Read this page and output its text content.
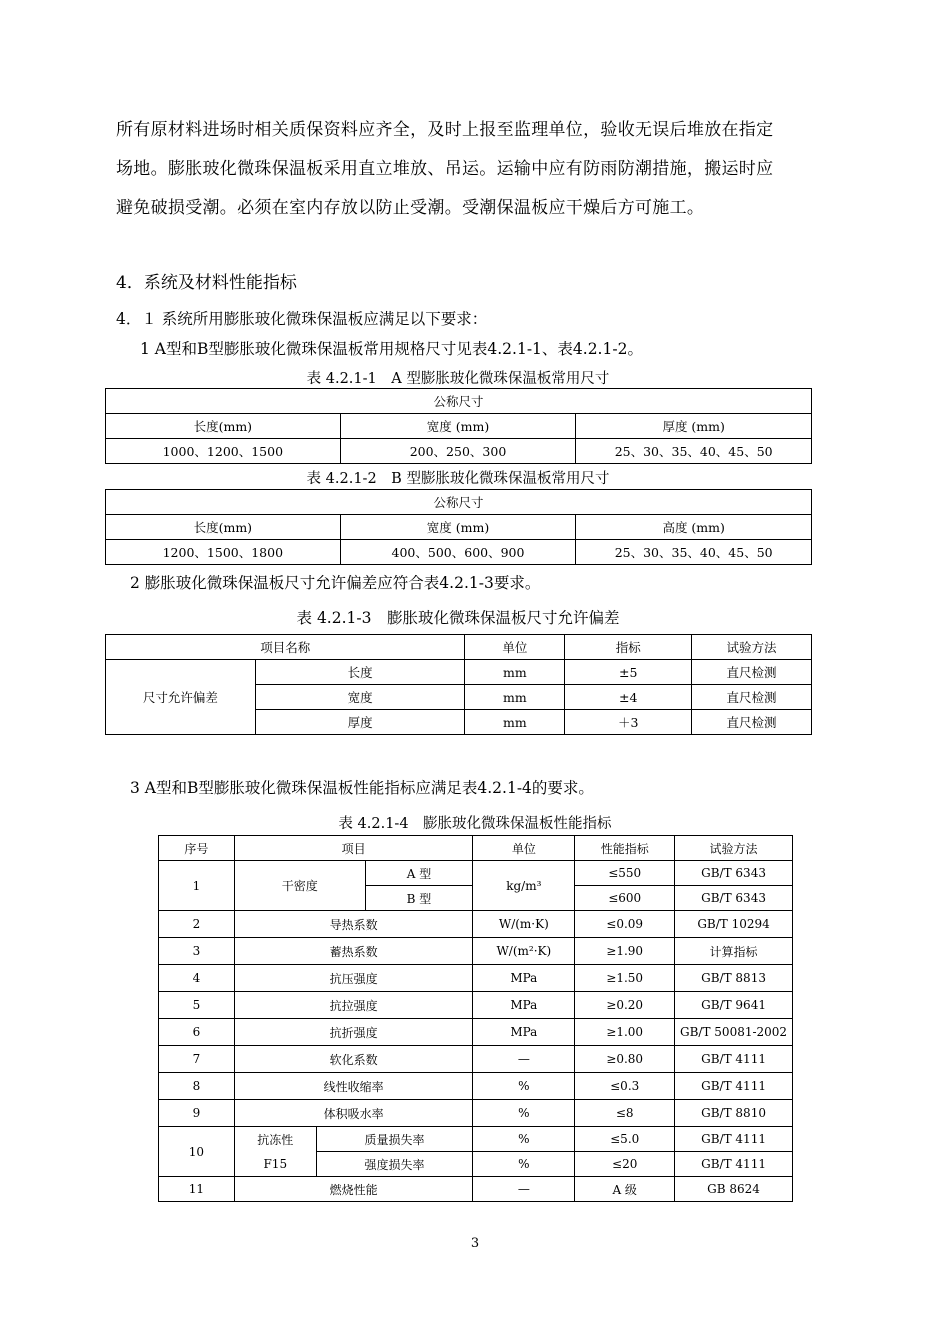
所有原材料进场时相关质保资料应齐全，及时上报至监理单位，验收无误后堆放在指定
场地。膨胀玻化微珠保温板采用直立堆放、吊运。运输中应有防雨防潮措施，搬运时应
避免破损受潮。必须在室内存放以防止受潮。受潮保温板应干燥后方可施工。
4．系统及材料性能指标
4．１ 系统所用膨胀玻化微珠保温板应满足以下要求：
1 A型和B型膨胀玻化微珠保温板常用规格尺寸见表4.2.1-1、表4.2.1-2。
表 4.2.1-1　A 型膨胀玻化微珠保温板常用尺寸
公称尺寸		
长度(mm)	宽度 (mm)	厚度 (mm)
1000、1200、1500	200、250、300	25、30、35、40、45、50
表 4.2.1-2　B 型膨胀玻化微珠保温板常用尺寸
公称尺寸		
长度(mm)	宽度 (mm)	高度 (mm)
1200、1500、1800	400、500、600、900	25、30、35、40、45、50
2 膨胀玻化微珠保温板尺寸允许偏差应符合表4.2.1-3要求。
表 4.2.1-3　膨胀玻化微珠保温板尺寸允许偏差
项目名称		单位	指标	试验方法
尺寸允许偏差	长度	mm	±5	直尺检测
	宽度	mm	±4	直尺检测
	厚度	mm	＋3	直尺检测
3 A型和B型膨胀玻化微珠保温板性能指标应满足表4.2.1-4的要求。
表 4.2.1-4　膨胀玻化微珠保温板性能指标
序号	项目			单位	性能指标	试验方法
1	干密度		A 型	kg/m³	≤550	GB/T 6343
			B 型		≤600	GB/T 6343
2	导热系数			W/(m·K)	≤0.09	GB/T 10294
3	蓄热系数			W/(m²·K)	≥1.90	计算指标
4	抗压强度			MPa	≥1.50	GB/T 8813
5	抗拉强度			MPa	≥0.20	GB/T 9641
6	抗折强度			MPa	≥1.00	GB/T 50081-2002
7	软化系数			—	≥0.80	GB/T 4111
8	线性收缩率			%	≤0.3	GB/T 4111
9	体积吸水率			%	≤8	GB/T 8810
10	抗冻性	质量损失率		%	≤5.0	GB/T 4111
	F15	强度损失率		%	≤20	GB/T 4111
11	燃烧性能			—	A 级	GB 8624
3
